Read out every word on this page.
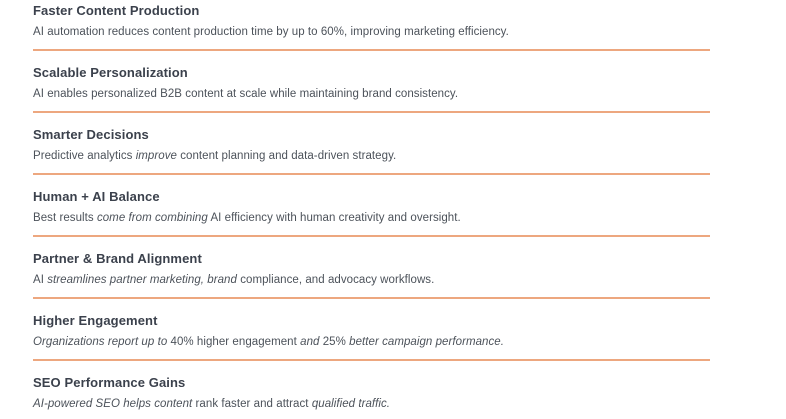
Faster Content Production

AI automation reduces content production time by up to 60%, improving marketing efficiency.

Scalable Personalization

AI enables personalized B2B content at scale while maintaining brand consistency.

Smarter Decisions

Predictive analytics improve content planning and data-driven strategy.

Human + AI Balance

Best results come from combining AI efficiency with human creativity and oversight.

Partner & Brand Alignment

AI streamlines partner marketing, brand compliance, and advocacy workflows.

Higher Engagement

Organizations report up to 40% higher engagement and 25% better campaign performance.

SEO Performance Gains

AI-powered SEO helps content rank faster and attract qualified traffic.
